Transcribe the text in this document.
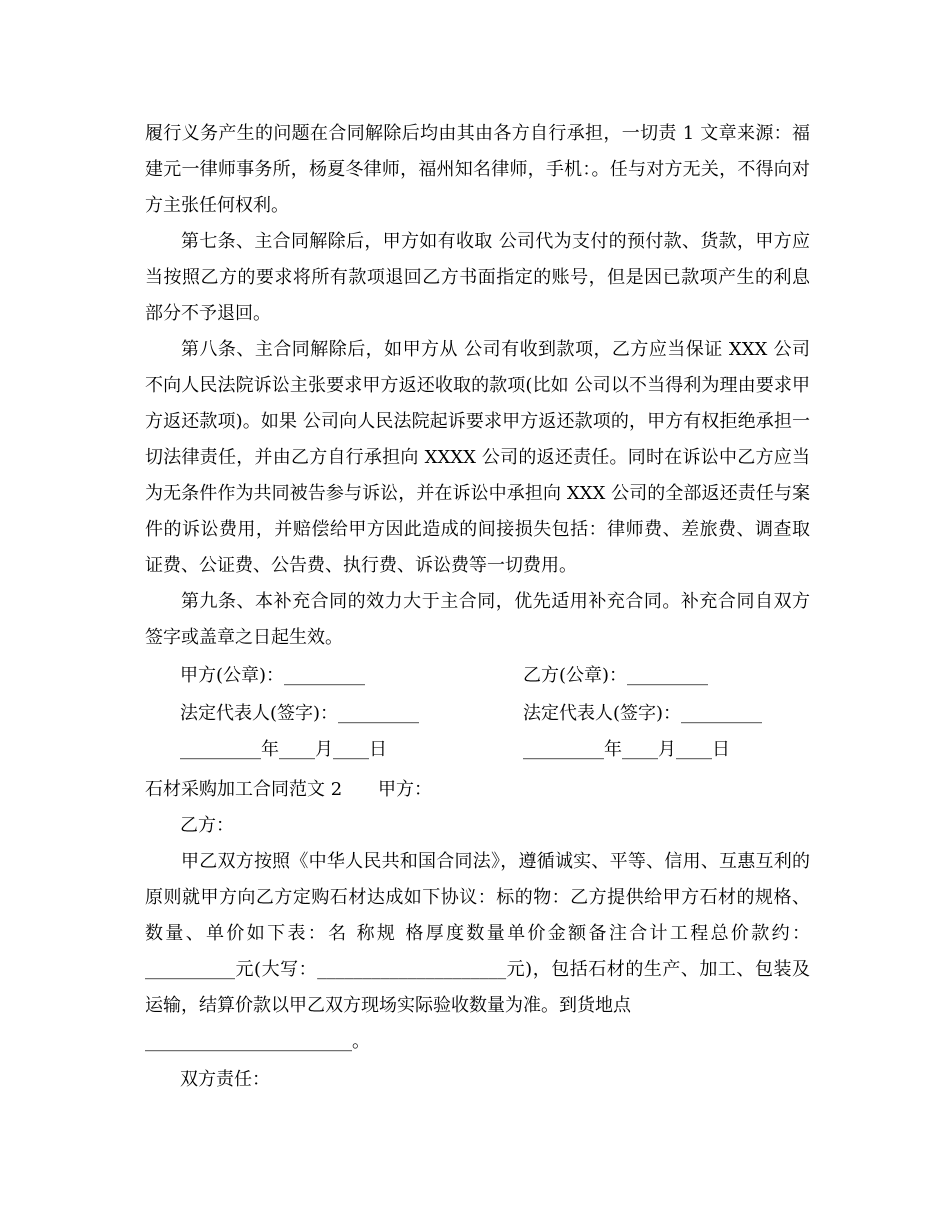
履行义务产生的问题在合同解除后均由其由各方自行承担，一切责 1 文章来源：福建元一律师事务所，杨夏冬律师，福州知名律师，手机：。任与对方无关，不得向对方主张任何权利。

第七条、主合同解除后，甲方如有收取 公司代为支付的预付款、货款，甲方应当按照乙方的要求将所有款项退回乙方书面指定的账号，但是因已款项产生的利息部分不予退回。

第八条、主合同解除后，如甲方从 公司有收到款项，乙方应当保证 XXX 公司不向人民法院诉讼主张要求甲方返还收取的款项(比如 公司以不当得利为理由要求甲方返还款项)。如果 公司向人民法院起诉要求甲方返还款项的，甲方有权拒绝承担一切法律责任，并由乙方自行承担向 XXXX 公司的返还责任。同时在诉讼中乙方应当为无条件作为共同被告参与诉讼，并在诉讼中承担向 XXX 公司的全部返还责任与案件的诉讼费用，并赔偿给甲方因此造成的间接损失包括：律师费、差旅费、调查取证费、公证费、公告费、执行费、诉讼费等一切费用。

第九条、本补充合同的效力大于主合同，优先适用补充合同。补充合同自双方签字或盖章之日起生效。

甲方(公章)：_________	乙方(公章)：_________
法定代表人(签字)：_________	法定代表人(签字)：_________
_________年____月____日	_________年____月____日
石材采购加工合同范文 2 甲方：
乙方：

甲乙双方按照《中华人民共和国合同法》，遵循诚实、平等、信用、互惠互利的原则就甲方向乙方定购石材达成如下协议：标的物：乙方提供给甲方石材的规格、数量、单价如下表：名 称规 格厚度数量单价金额备注合计工程总价款约：__________元(大写：_____________________元)，包括石材的生产、加工、包装及运输，结算价款以甲乙双方现场实际验收数量为准。到货地点

_______________________。
双方责任：
